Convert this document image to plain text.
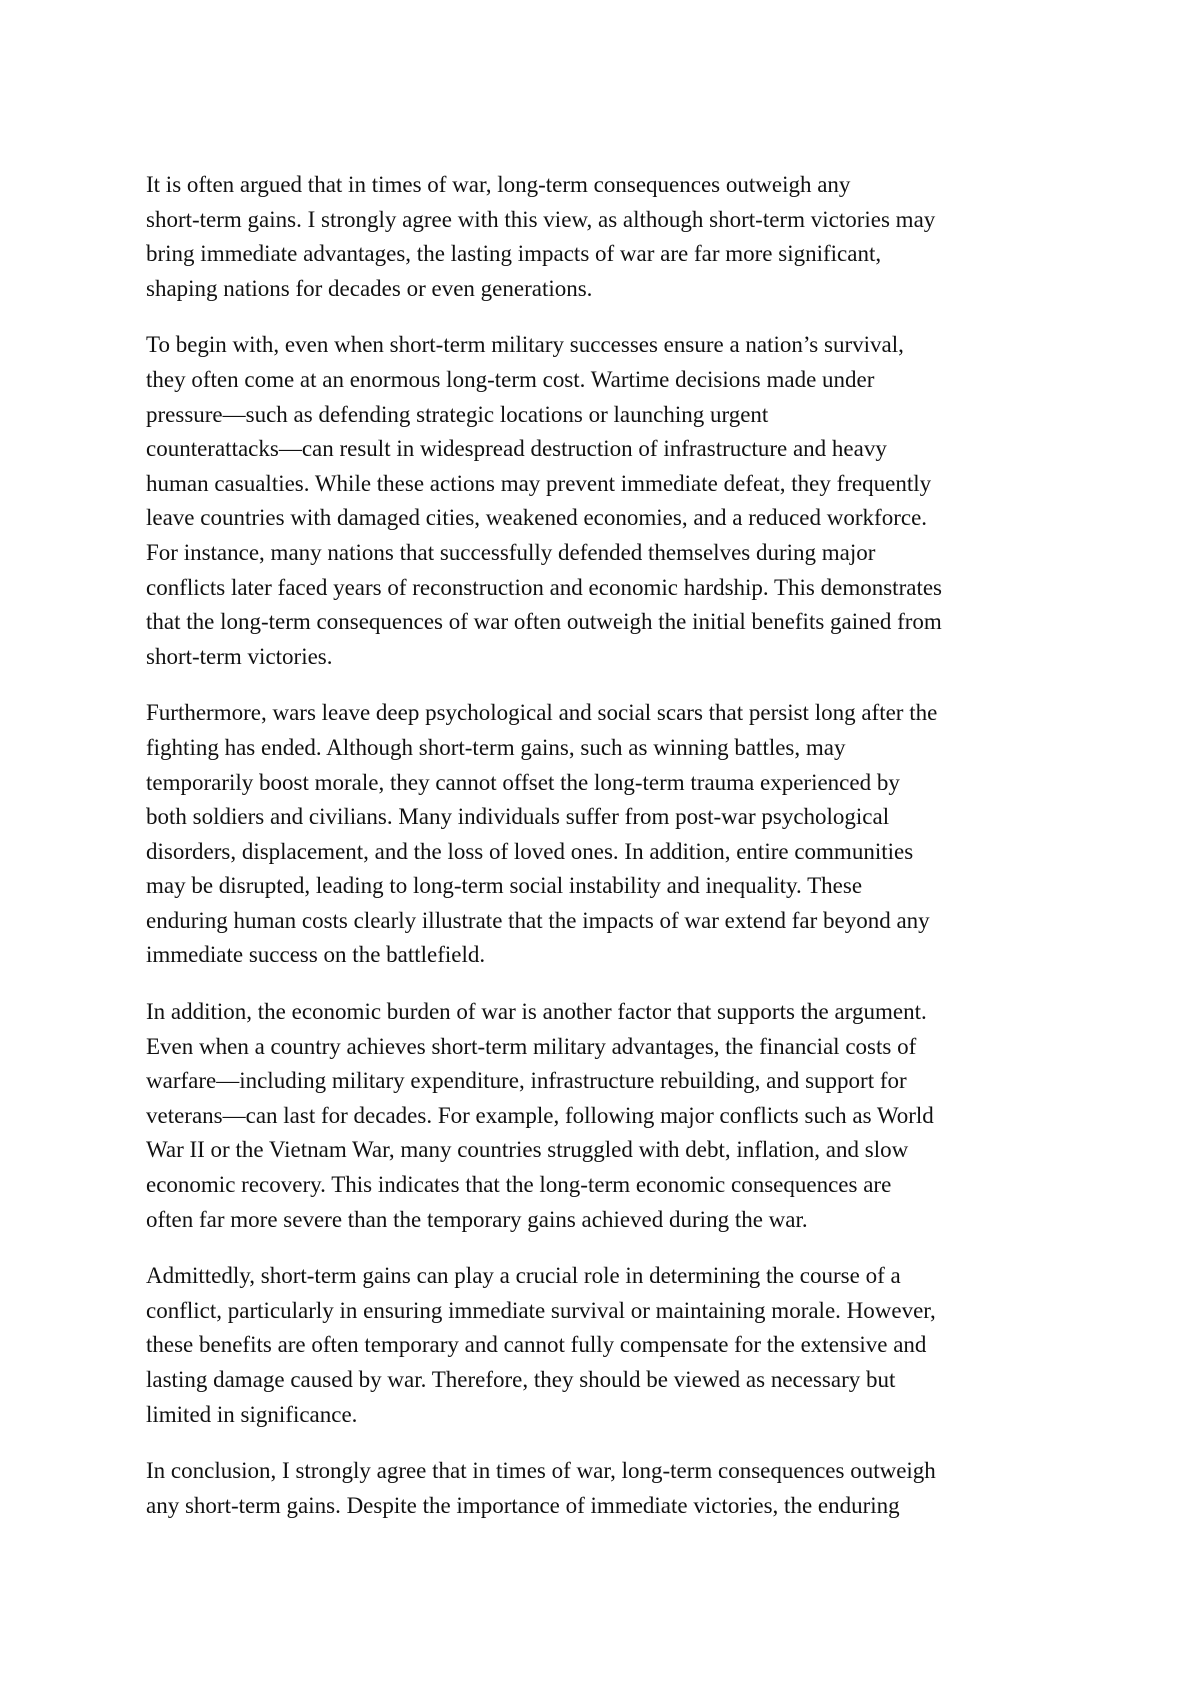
It is often argued that in times of war, long-term consequences outweigh any
short-term gains. I strongly agree with this view, as although short-term victories may
bring immediate advantages, the lasting impacts of war are far more significant,
shaping nations for decades or even generations.

To begin with, even when short-term military successes ensure a nation’s survival,
they often come at an enormous long-term cost. Wartime decisions made under
pressure—such as defending strategic locations or launching urgent
counterattacks—can result in widespread destruction of infrastructure and heavy
human casualties. While these actions may prevent immediate defeat, they frequently
leave countries with damaged cities, weakened economies, and a reduced workforce.
For instance, many nations that successfully defended themselves during major
conflicts later faced years of reconstruction and economic hardship. This demonstrates
that the long-term consequences of war often outweigh the initial benefits gained from
short-term victories.

Furthermore, wars leave deep psychological and social scars that persist long after the
fighting has ended. Although short-term gains, such as winning battles, may
temporarily boost morale, they cannot offset the long-term trauma experienced by
both soldiers and civilians. Many individuals suffer from post-war psychological
disorders, displacement, and the loss of loved ones. In addition, entire communities
may be disrupted, leading to long-term social instability and inequality. These
enduring human costs clearly illustrate that the impacts of war extend far beyond any
immediate success on the battlefield.

In addition, the economic burden of war is another factor that supports the argument.
Even when a country achieves short-term military advantages, the financial costs of
warfare—including military expenditure, infrastructure rebuilding, and support for
veterans—can last for decades. For example, following major conflicts such as World
War II or the Vietnam War, many countries struggled with debt, inflation, and slow
economic recovery. This indicates that the long-term economic consequences are
often far more severe than the temporary gains achieved during the war.

Admittedly, short-term gains can play a crucial role in determining the course of a
conflict, particularly in ensuring immediate survival or maintaining morale. However,
these benefits are often temporary and cannot fully compensate for the extensive and
lasting damage caused by war. Therefore, they should be viewed as necessary but
limited in significance.

In conclusion, I strongly agree that in times of war, long-term consequences outweigh
any short-term gains. Despite the importance of immediate victories, the enduring
